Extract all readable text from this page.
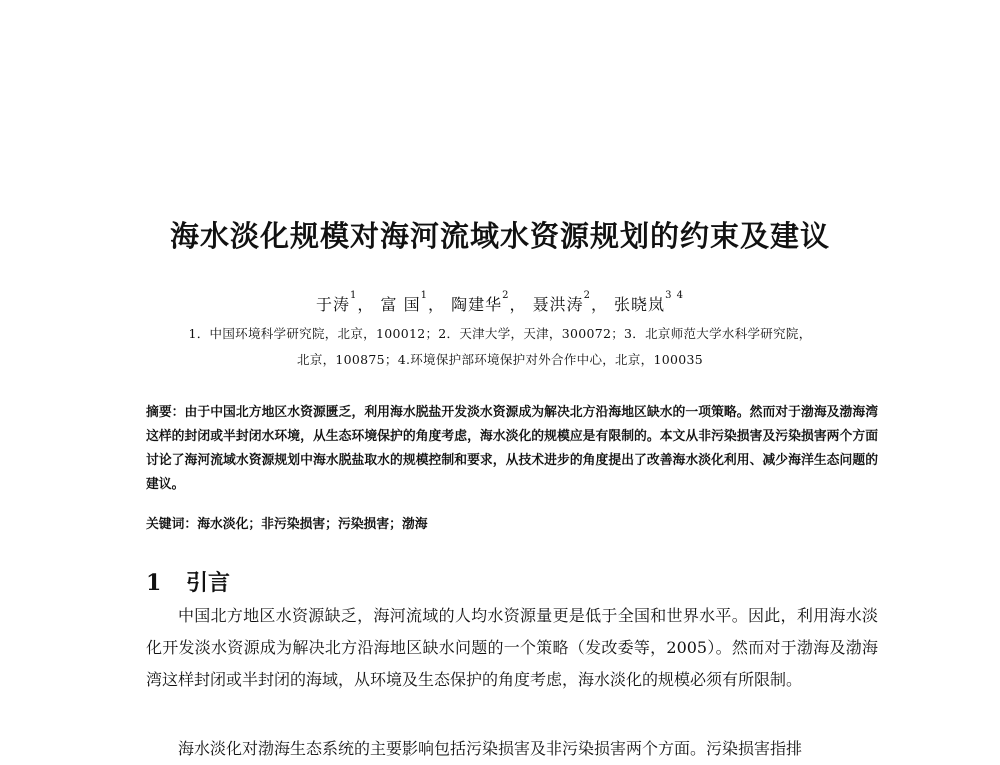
海水淡化规模对海河流域水资源规划的约束及建议
于涛$^1$， 富 国$^1$， 陶建华$^2$， 聂洪涛$^2$， 张晓岚$^{3 4}$
1．中国环境科学研究院，北京，100012；2．天津大学，天津，300072；3．北京师范大学水科学研究院，
北京，100875；4.环境保护部环境保护对外合作中心，北京，100035
摘要：由于中国北方地区水资源匮乏，利用海水脱盐开发淡水资源成为解决北方沿海地区缺水的一项策略。然而对于渤海及渤海湾这样的封闭或半封闭水环境，从生态环境保护的角度考虑，海水淡化的规模应是有限制的。本文从非污染损害及污染损害两个方面讨论了海河流域水资源规划中海水脱盐取水的规模控制和要求，从技术进步的角度提出了改善海水淡化利用、减少海洋生态问题的建议。
关键词：海水淡化；非污染损害；污染损害；渤海
1 引言

中国北方地区水资源缺乏，海河流域的人均水资源量更是低于全国和世界水平。因此，利用海水淡化开发淡水资源成为解决北方沿海地区缺水问题的一个策略（发改委等，2005）。然而对于渤海及渤海湾这样封闭或半封闭的海域，从环境及生态保护的角度考虑，海水淡化的规模必须有所限制。

海水淡化对渤海生态系统的主要影响包括污染损害及非污染损害两个方面。污染损害指排
